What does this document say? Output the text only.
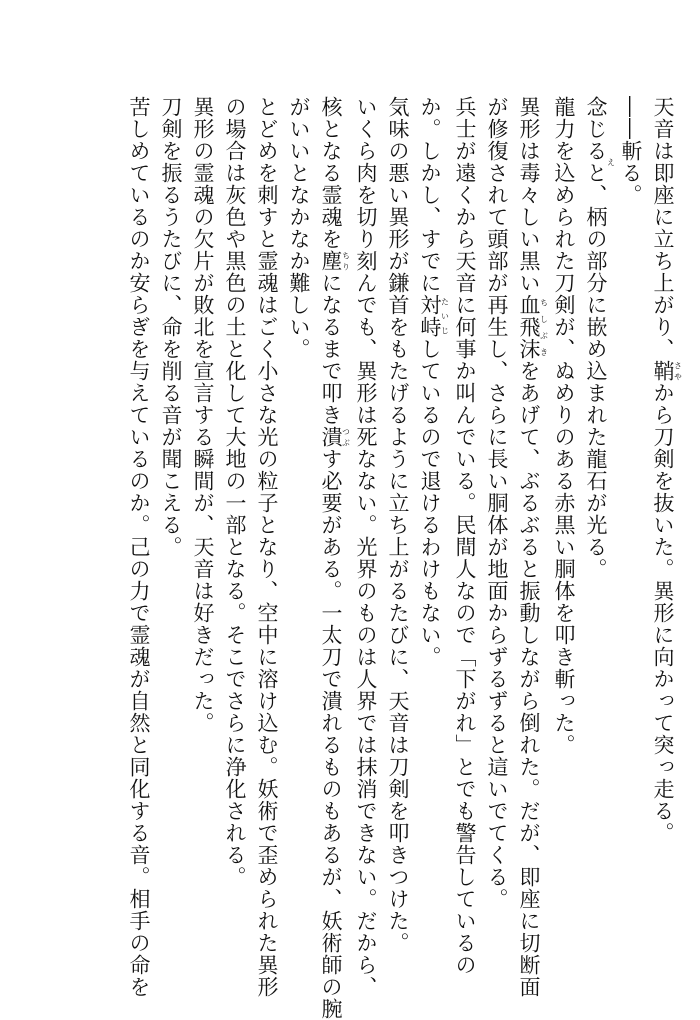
天音は即座に立ち上がり、鞘さやから刀剣を抜いた。異形に向かって突っ走る。
――斬る。
念じると、柄えの部分に嵌め込まれた龍石が光る。
龍力を込められた刀剣が、ぬめりのある赤黒い胴体を叩き斬った。
異形は毒々しい黒い血飛沫ちしぶきをあげて、ぶるぶると振動しながら倒れた。だが、即座に切断面
が修復されて頭部が再生し、さらに長い胴体が地面からずるずると這いでてくる。
兵士が遠くから天音に何事か叫んでいる。民間人なので「下がれ」とでも警告しているの
か。しかし、すでに対峙たいじしているので退けるわけもない。
気味の悪い異形が鎌首をもたげるように立ち上がるたびに、天音は刀剣を叩きつけた。
いくら肉を切り刻んでも、異形は死なない。光界のものは人界では抹消できない。だから、
核となる霊魂を塵ちりになるまで叩き潰つぶす必要がある。一太刀で潰れるものもあるが、妖術師の腕
がいいとなかなか難しい。
とどめを刺すと霊魂はごく小さな光の粒子となり、空中に溶け込む。妖術で歪められた異形
の場合は灰色や黒色の土と化して大地の一部となる。そこでさらに浄化される。
異形の霊魂の欠片が敗北を宣言する瞬間が、天音は好きだった。
刀剣を振るうたびに、命を削る音が聞こえる。
苦しめているのか安らぎを与えているのか。己の力で霊魂が自然と同化する音。相手の命を
